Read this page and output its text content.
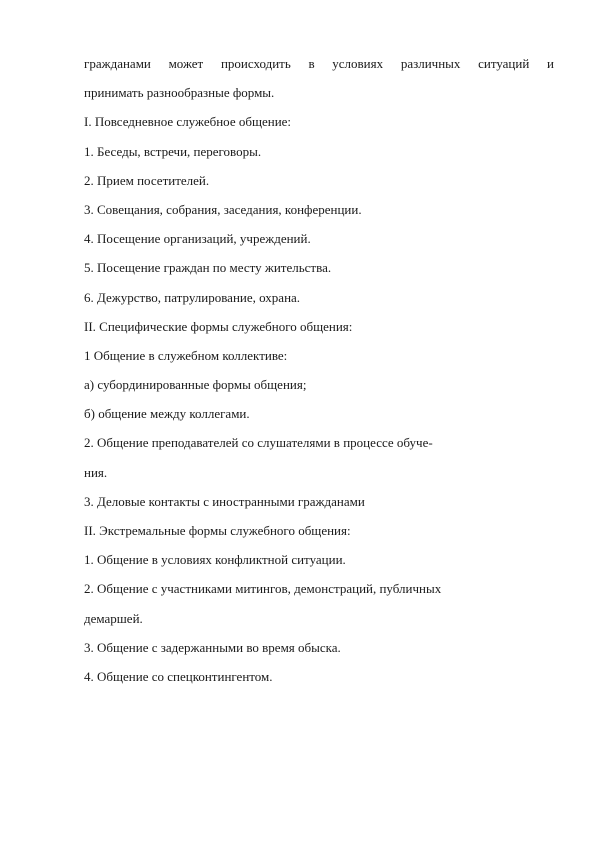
гражданами может происходить в условиях различных ситуаций и
принимать разнообразные формы.
I. Повседневное служебное общение:
1. Беседы, встречи, переговоры.
2. Прием посетителей.
3. Совещания, собрания, заседания, конференции.
4. Посещение организаций, учреждений.
5. Посещение граждан по месту жительства.
6. Дежурство, патрулирование, охрана.
II. Специфические формы служебного общения:
1 Общение в служебном коллективе:
а) субординированные формы общения;
б) общение между коллегами.
2. Общение преподавателей со слушателями в процессе обуче-
ния.
3. Деловые контакты с иностранными гражданами
II. Экстремальные формы служебного общения:
1. Общение в условиях конфликтной ситуации.
2. Общение с участниками митингов, демонстраций, публичных
демаршей.
3. Общение с задержанными во время обыска.
4. Общение со спецконтингентом.
